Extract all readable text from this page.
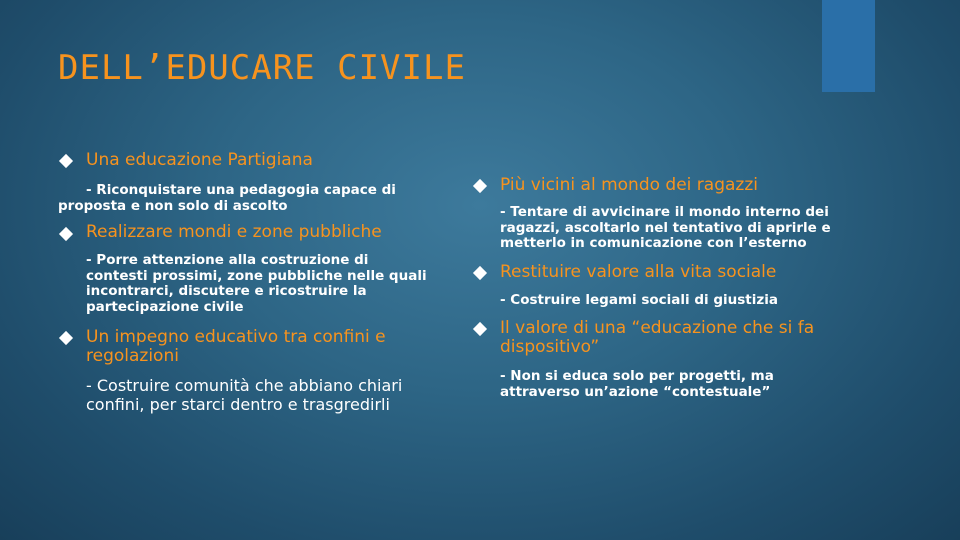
DELL’EDUCARE CIVILE

Una educazione Partigiana

- Riconquistare una pedagogia capace di proposta e non solo di ascolto

Realizzare mondi e zone pubbliche

- Porre attenzione alla costruzione di contesti prossimi, zone pubbliche nelle quali incontrarci, discutere e ricostruire la partecipazione civile

Un impegno educativo tra confini e regolazioni

- Costruire comunità che abbiano chiari confini, per starci dentro e trasgredirli

Più vicini al mondo dei ragazzi

- Tentare di avvicinare il mondo interno dei ragazzi, ascoltarlo nel tentativo di aprirle e metterlo in comunicazione con l’esterno

Restituire valore alla vita sociale

- Costruire legami sociali di giustizia

Il valore di una “educazione che si fa dispositivo”

- Non si educa solo per progetti, ma attraverso un’azione “contestuale”
